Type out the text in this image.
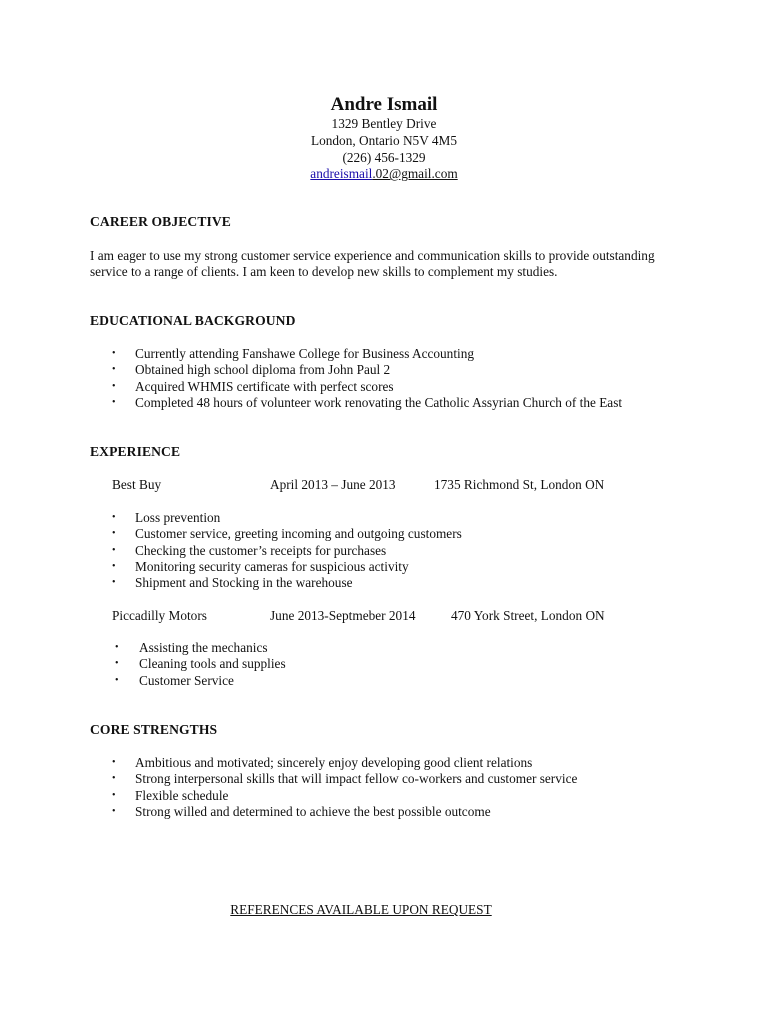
Andre Ismail
1329 Bentley Drive
London, Ontario N5V 4M5
(226) 456-1329
andreismail.02@gmail.com
CAREER OBJECTIVE
I am eager to use my strong customer service experience and communication skills to provide outstanding
service to a range of clients. I am keen to develop new skills to complement my studies.
EDUCATIONAL BACKGROUND
• Currently attending Fanshawe College for Business Accounting
• Obtained high school diploma from John Paul 2
• Acquired WHMIS certificate with perfect scores
• Completed 48 hours of volunteer work renovating the Catholic Assyrian Church of the East
EXPERIENCE
Best Buy	April 2013 – June 2013	1735 Richmond St, London ON
• Loss prevention
• Customer service, greeting incoming and outgoing customers
• Checking the customer’s receipts for purchases
• Monitoring security cameras for suspicious activity
• Shipment and Stocking in the warehouse
Piccadilly Motors	June 2013-Septmeber 2014	470 York Street, London ON
• Assisting the mechanics
• Cleaning tools and supplies
• Customer Service
CORE STRENGTHS
• Ambitious and motivated; sincerely enjoy developing good client relations
• Strong interpersonal skills that will impact fellow co-workers and customer service
• Flexible schedule
• Strong willed and determined to achieve the best possible outcome
REFERENCES AVAILABLE UPON REQUEST
